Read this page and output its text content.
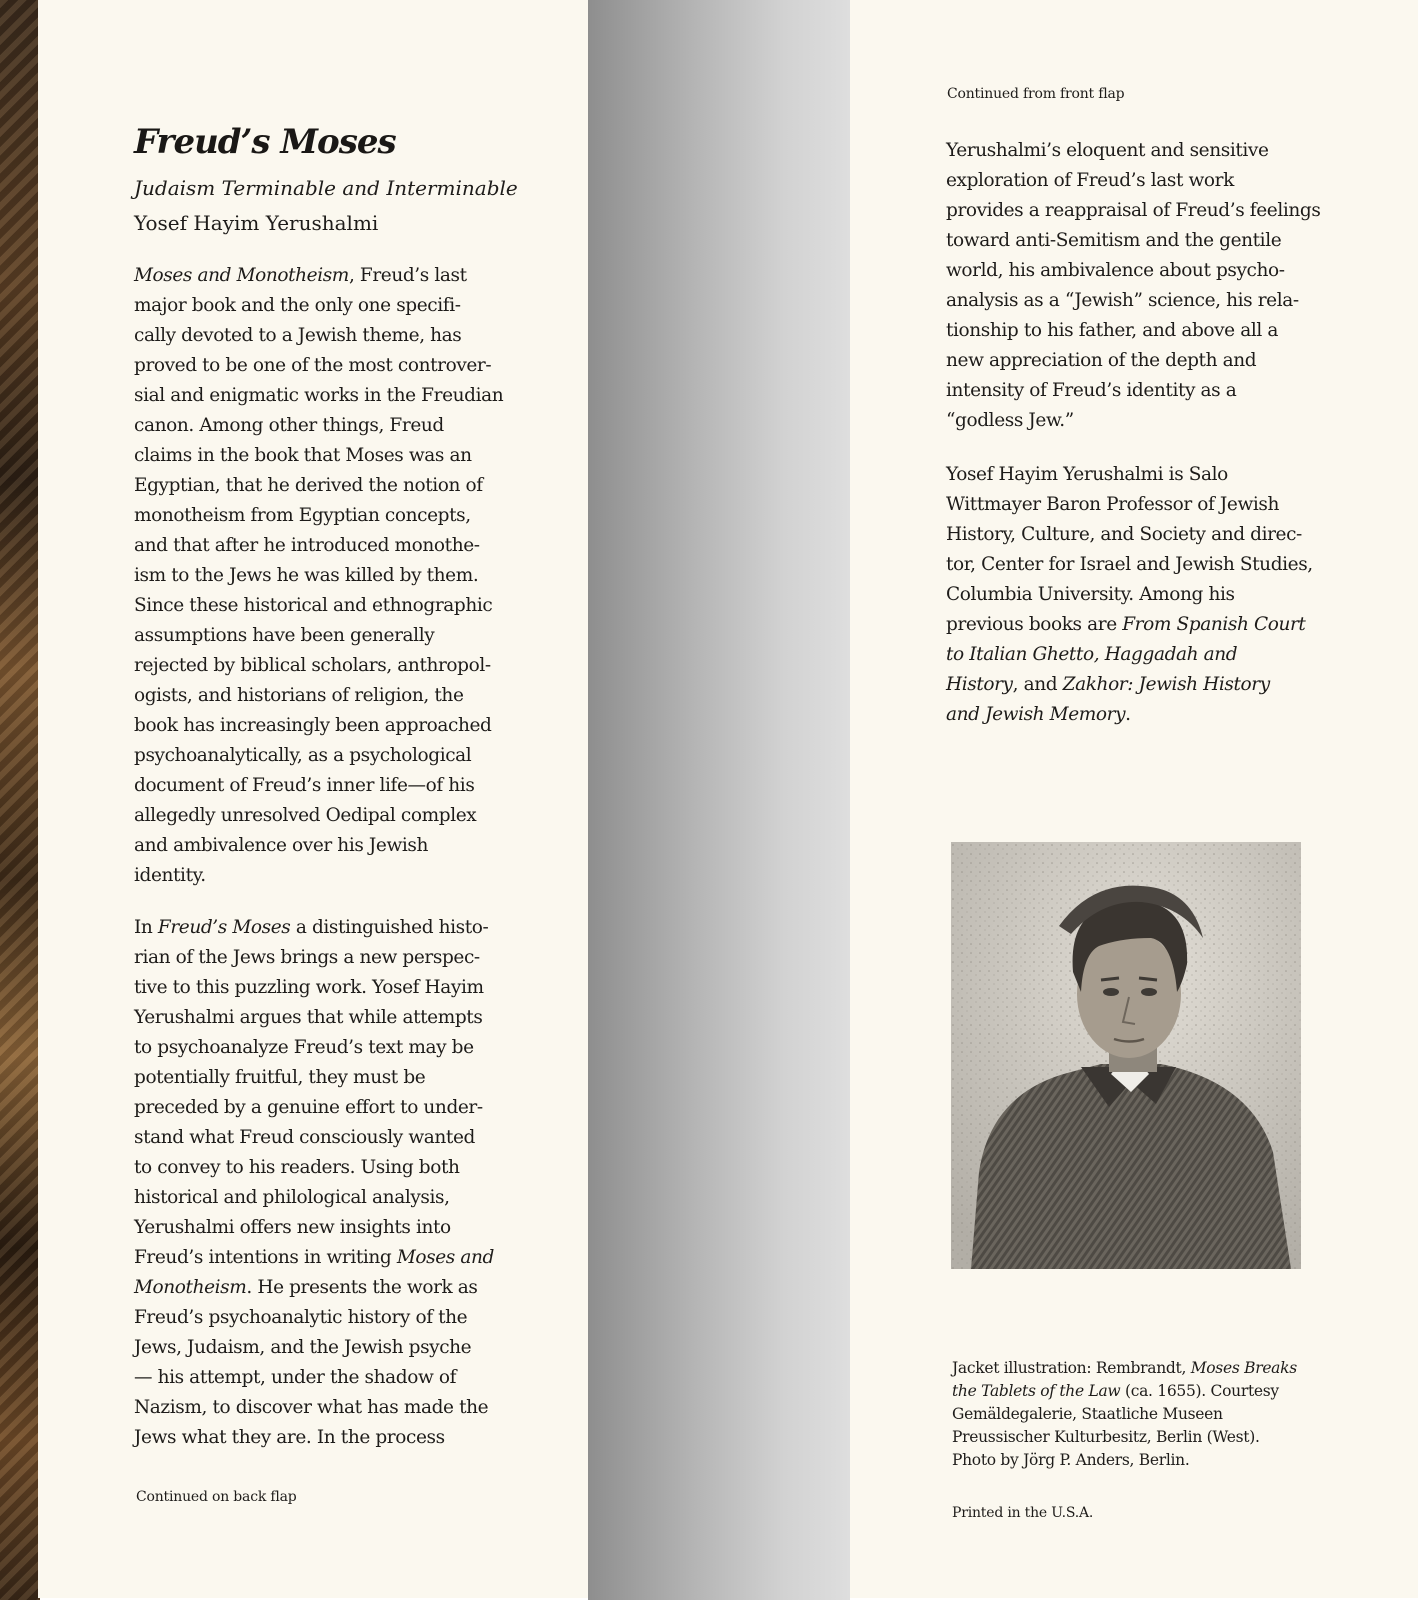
Freud’s Moses

Judaism Terminable and Interminable

Yosef Hayim Yerushalmi

Moses and Monotheism, Freud’s last
major book and the only one specifi-
cally devoted to a Jewish theme, has
proved to be one of the most controver-
sial and enigmatic works in the Freudian
canon. Among other things, Freud
claims in the book that Moses was an
Egyptian, that he derived the notion of
monotheism from Egyptian concepts,
and that after he introduced monothe-
ism to the Jews he was killed by them.
Since these historical and ethnographic
assumptions have been generally
rejected by biblical scholars, anthropol-
ogists, and historians of religion, the
book has increasingly been approached
psychoanalytically, as a psychological
document of Freud’s inner life—of his
allegedly unresolved Oedipal complex
and ambivalence over his Jewish
identity.
In Freud’s Moses a distinguished histo-
rian of the Jews brings a new perspec-
tive to this puzzling work. Yosef Hayim
Yerushalmi argues that while attempts
to psychoanalyze Freud’s text may be
potentially fruitful, they must be
preceded by a genuine effort to under-
stand what Freud consciously wanted
to convey to his readers. Using both
historical and philological analysis,
Yerushalmi offers new insights into
Freud’s intentions in writing Moses and
Monotheism. He presents the work as
Freud’s psychoanalytic history of the
Jews, Judaism, and the Jewish psyche
— his attempt, under the shadow of
Nazism, to discover what has made the
Jews what they are. In the process

Continued on back flap

Continued from front flap

Yerushalmi’s eloquent and sensitive
exploration of Freud’s last work
provides a reappraisal of Freud’s feelings
toward anti-Semitism and the gentile
world, his ambivalence about psycho-
analysis as a “Jewish” science, his rela-
tionship to his father, and above all a
new appreciation of the depth and
intensity of Freud’s identity as a
“godless Jew.”
Yosef Hayim Yerushalmi is Salo
Wittmayer Baron Professor of Jewish
History, Culture, and Society and direc-
tor, Center for Israel and Jewish Studies,
Columbia University. Among his
previous books are From Spanish Court
to Italian Ghetto, Haggadah and
History, and Zakhor: Jewish History
and Jewish Memory.
Jacket illustration: Rembrandt, Moses Breaks
the Tablets of the Law (ca. 1655). Courtesy
Gemäldegalerie, Staatliche Museen
Preussischer Kulturbesitz, Berlin (West).
Photo by Jörg P. Anders, Berlin.

Printed in the U.S.A.
